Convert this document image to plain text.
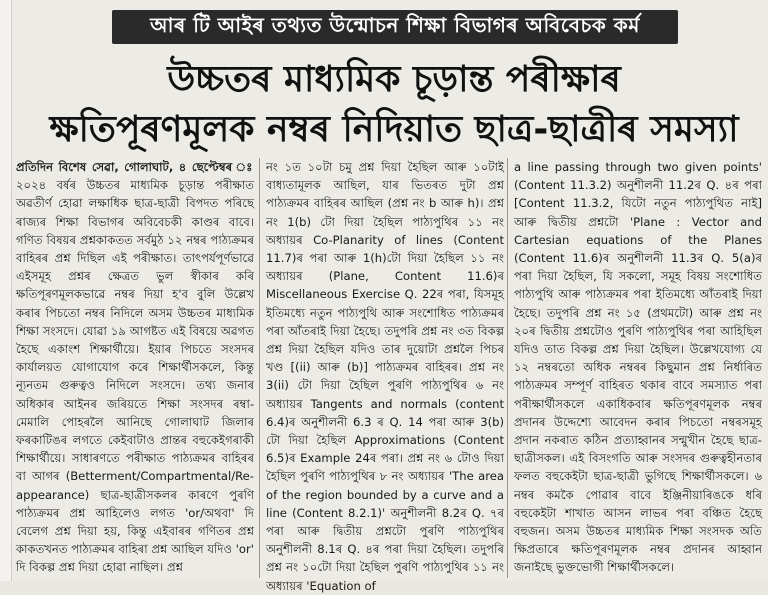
আৰ টি আইৰ তথ্যত উন্মোচন শিক্ষা বিভাগৰ অবিবেচক কৰ্ম
উচ্চতৰ মাধ্যমিক চূড়ান্ত পৰীক্ষাৰ
ক্ষতিপূৰণমূলক নম্বৰ নিদিয়াত ছাত্ৰ-ছাত্ৰীৰ সমস্যা
প্ৰতিদিন বিশেষ সেৱা, গোলাঘাট, ৪ ছেপ্টেম্বৰ ঃ ২০২৪ বৰ্ষৰ উচ্চতৰ মাধ্যমিক চূড়ান্ত পৰীক্ষাত অৱতীৰ্ণ হোৱা লক্ষাধিক ছাত্ৰ-ছাত্ৰী বিপদত পৰিছে ৰাজ্যৰ শিক্ষা বিভাগৰ অবিবেচকী কাণ্ডৰ বাবে। গণিত বিষয়ৰ প্ৰশ্নকাকতত সৰ্বমুঠ ১২ নম্বৰ পাঠ্যক্ৰমৰ বাহিৰৰ প্ৰশ্ন দিছিল এই পৰীক্ষাত। তাৎপৰ্যপূৰ্ণভাৱে এইসমূহ প্ৰশ্নৰ ক্ষেত্ৰত ভুল স্বীকাৰ কৰি ক্ষতিপূৰণমূলকভাৱে নম্বৰ দিয়া হ'ব বুলি উল্লেখ কৰাৰ পিচতো নম্বৰ নিদিলে অসম উচ্চতৰ মাধ্যমিক শিক্ষা সংসদে। যোৱা ১৯ আগষ্টত এই বিষয়ে অৱগত হৈছে একাংশ শিক্ষাৰ্থীয়ে। ইয়াৰ পিচতে সংসদৰ কাৰ্যালয়ত যোগাযোগ কৰে শিক্ষাৰ্থীসকলে, কিন্তু ন্যূনতম গুৰুত্বও নিদিলে সংসদে। তথ্য জনাৰ অধিকাৰ আইনৰ জৰিয়তে শিক্ষা সংসদৰ ৰম্বা-মেমালি পোহৰলৈ আনিছে গোলাঘাট জিলাৰ ফৰকাটিঙৰ লগতে কেইবাটাও প্ৰান্তৰ বহুকেইগৰাকী শিক্ষাৰ্থীয়ে। সাধাৰণতে পৰীক্ষাত পাঠ্যক্ৰমৰ বাহিৰৰ বা আগৰ (Betterment/Compartmental/Re-appearance) ছাত্ৰ-ছাত্ৰীসকলৰ কাৰণে পুৰণি পাঠ্যক্ৰমৰ প্ৰশ্ন আহিলেও লগত 'or/অথবা' দি বেলেগ প্ৰশ্ন দিয়া হয়, কিন্তু এইবাৰৰ গণিতৰ প্ৰশ্ন কাকতখনত পাঠ্যক্ৰমৰ বাহিৰা প্ৰশ্ন আছিল যদিও 'or' দি বিকল্প প্ৰশ্ন দিয়া হোৱা নাছিল। প্ৰশ্ন
নং ১ত ১০টা চমু প্ৰশ্ন দিয়া হৈছিল আৰু ১০টাই বাধ্যতামূলক আছিল, যাৰ ভিতৰত দুটা প্ৰশ্ন পাঠ্যক্ৰমৰ বাহিৰৰ আছিল (প্ৰশ্ন নং b আৰু h)। প্ৰশ্ন নং 1(b) টো দিয়া হৈছিল পাঠ্যপুথিৰ ১১ নং অধ্যায়ৰ Co-Planarity of lines (Content 11.7)ৰ পৰা আৰু 1(h)টো দিয়া হৈছিল ১১ নং অধ্যায়ৰ (Plane, Content 11.6)ৰ Miscellaneous Exercise Q. 22ৰ পৰা, যিসমূহ ইতিমধ্যে নতুন পাঠ্যপুথি আৰু সংশোধিত পাঠ্যক্ৰমৰ পৰা আঁতৰাই দিয়া হৈছে। তদুপৰি প্ৰশ্ন নং ৩ত বিকল্প প্ৰশ্ন দিয়া হৈছিল যদিও তাৰ দুয়োটা প্ৰশ্নলৈ পিচৰ খণ্ড [(ii) আৰু (b)] পাঠ্যক্ৰমৰ বাহিৰৰ। প্ৰশ্ন নং 3(ii) টো দিয়া হৈছিল পুৰণি পাঠ্যপুথিৰ ৬ নং অধ্যায়ৰ Tangents and normals (content 6.4)ৰ অনুশীলনী 6.3 ৰ Q. 14 পৰা আৰু 3(b) টো দিয়া হৈছিল Approximations (Content 6.5)ৰ Example 24ৰ পৰা। প্ৰশ্ন নং ৬ টোও দিয়া হৈছিল পুৰণি পাঠ্যপুথিৰ ৮ নং অধ্যায়ৰ 'The area of the region bounded by a curve and a line (Content 8.2.1)' অনুশীলনী 8.2ৰ Q. ৭ৰ পৰা আৰু দ্বিতীয় প্ৰশ্নটো পুৰণি পাঠ্যপুথিৰ অনুশীলনী 8.1ৰ Q. ৪ৰ পৰা দিয়া হৈছিল। তদুপৰি প্ৰশ্ন নং ১০টো দিয়া হৈছিল পুৰণি পাঠ্যপুথিৰ ১১ নং অধ্যায়ৰ 'Equation of
a line passing through two given points' (Content 11.3.2) অনুশীলনী 11.2ৰ Q. ৪ৰ পৰা [Content 11.3.2, যিটো নতুন পাঠ্যপুথিত নাই] আৰু দ্বিতীয় প্ৰশ্নটো 'Plane : Vector and Cartesian equations of the Planes (Content 11.6)ৰ অনুশীলনী 11.3ৰ Q. 5(a)ৰ পৰা দিয়া হৈছিল, যি সকলো, সমূহ বিষয় সংশোধিত পাঠ্যপুথি আৰু পাঠ্যক্ৰমৰ পৰা ইতিমধ্যে আঁতৰাই দিয়া হৈছে। তদুপৰি প্ৰশ্ন নং ১৫ (প্ৰথমটো) আৰু প্ৰশ্ন নং ২০ৰ দ্বিতীয় প্ৰশ্নটোও পুৰণি পাঠ্যপুথিৰ পৰা আহিছিল যদিও তাত বিকল্প প্ৰশ্ন দিয়া হৈছিল। উল্লেখযোগ্য যে ১২ নম্বৰতো অধিক নম্বৰৰ কিছুমান প্ৰশ্ন নিৰ্ধাৰিত পাঠ্যক্ৰমৰ সম্পূৰ্ণ বাহিৰত থকাৰ বাবে সমস্যাত পৰা পৰীক্ষাৰ্থীসকলে একাধিকবাৰ ক্ষতিপূৰণমূলক নম্বৰ প্ৰদানৰ উদ্দেশ্যে আবেদন কৰাৰ পিচতো নম্বৰসমূহ প্ৰদান নকৰাত কঠিন প্ৰত্যাহ্বানৰ সন্মুখীন হৈছে ছাত্ৰ-ছাত্ৰীসকল। এই বিসংগতি আৰু সংসদৰ গুৰুত্বহীনতাৰ ফলত বহুকেইটা ছাত্ৰ-ছাত্ৰী ভুগিছে শিক্ষাৰ্থীসকলে। ৬ নম্বৰ কমকৈ পোৱাৰ বাবে ইঞ্জিনীয়াৰিঙকে ধৰি বহুকেইটা শাখাত আসন লাভৰ পৰা বঞ্চিত হৈছে বহুজন। অসম উচ্চতৰ মাধ্যমিক শিক্ষা সংসদক অতি ক্ষিপ্ৰতাৰে ক্ষতিপূৰণমূলক নম্বৰ প্ৰদানৰ আহ্বান জনাইছে ভুক্তভোগী শিক্ষাৰ্থীসকলে।
